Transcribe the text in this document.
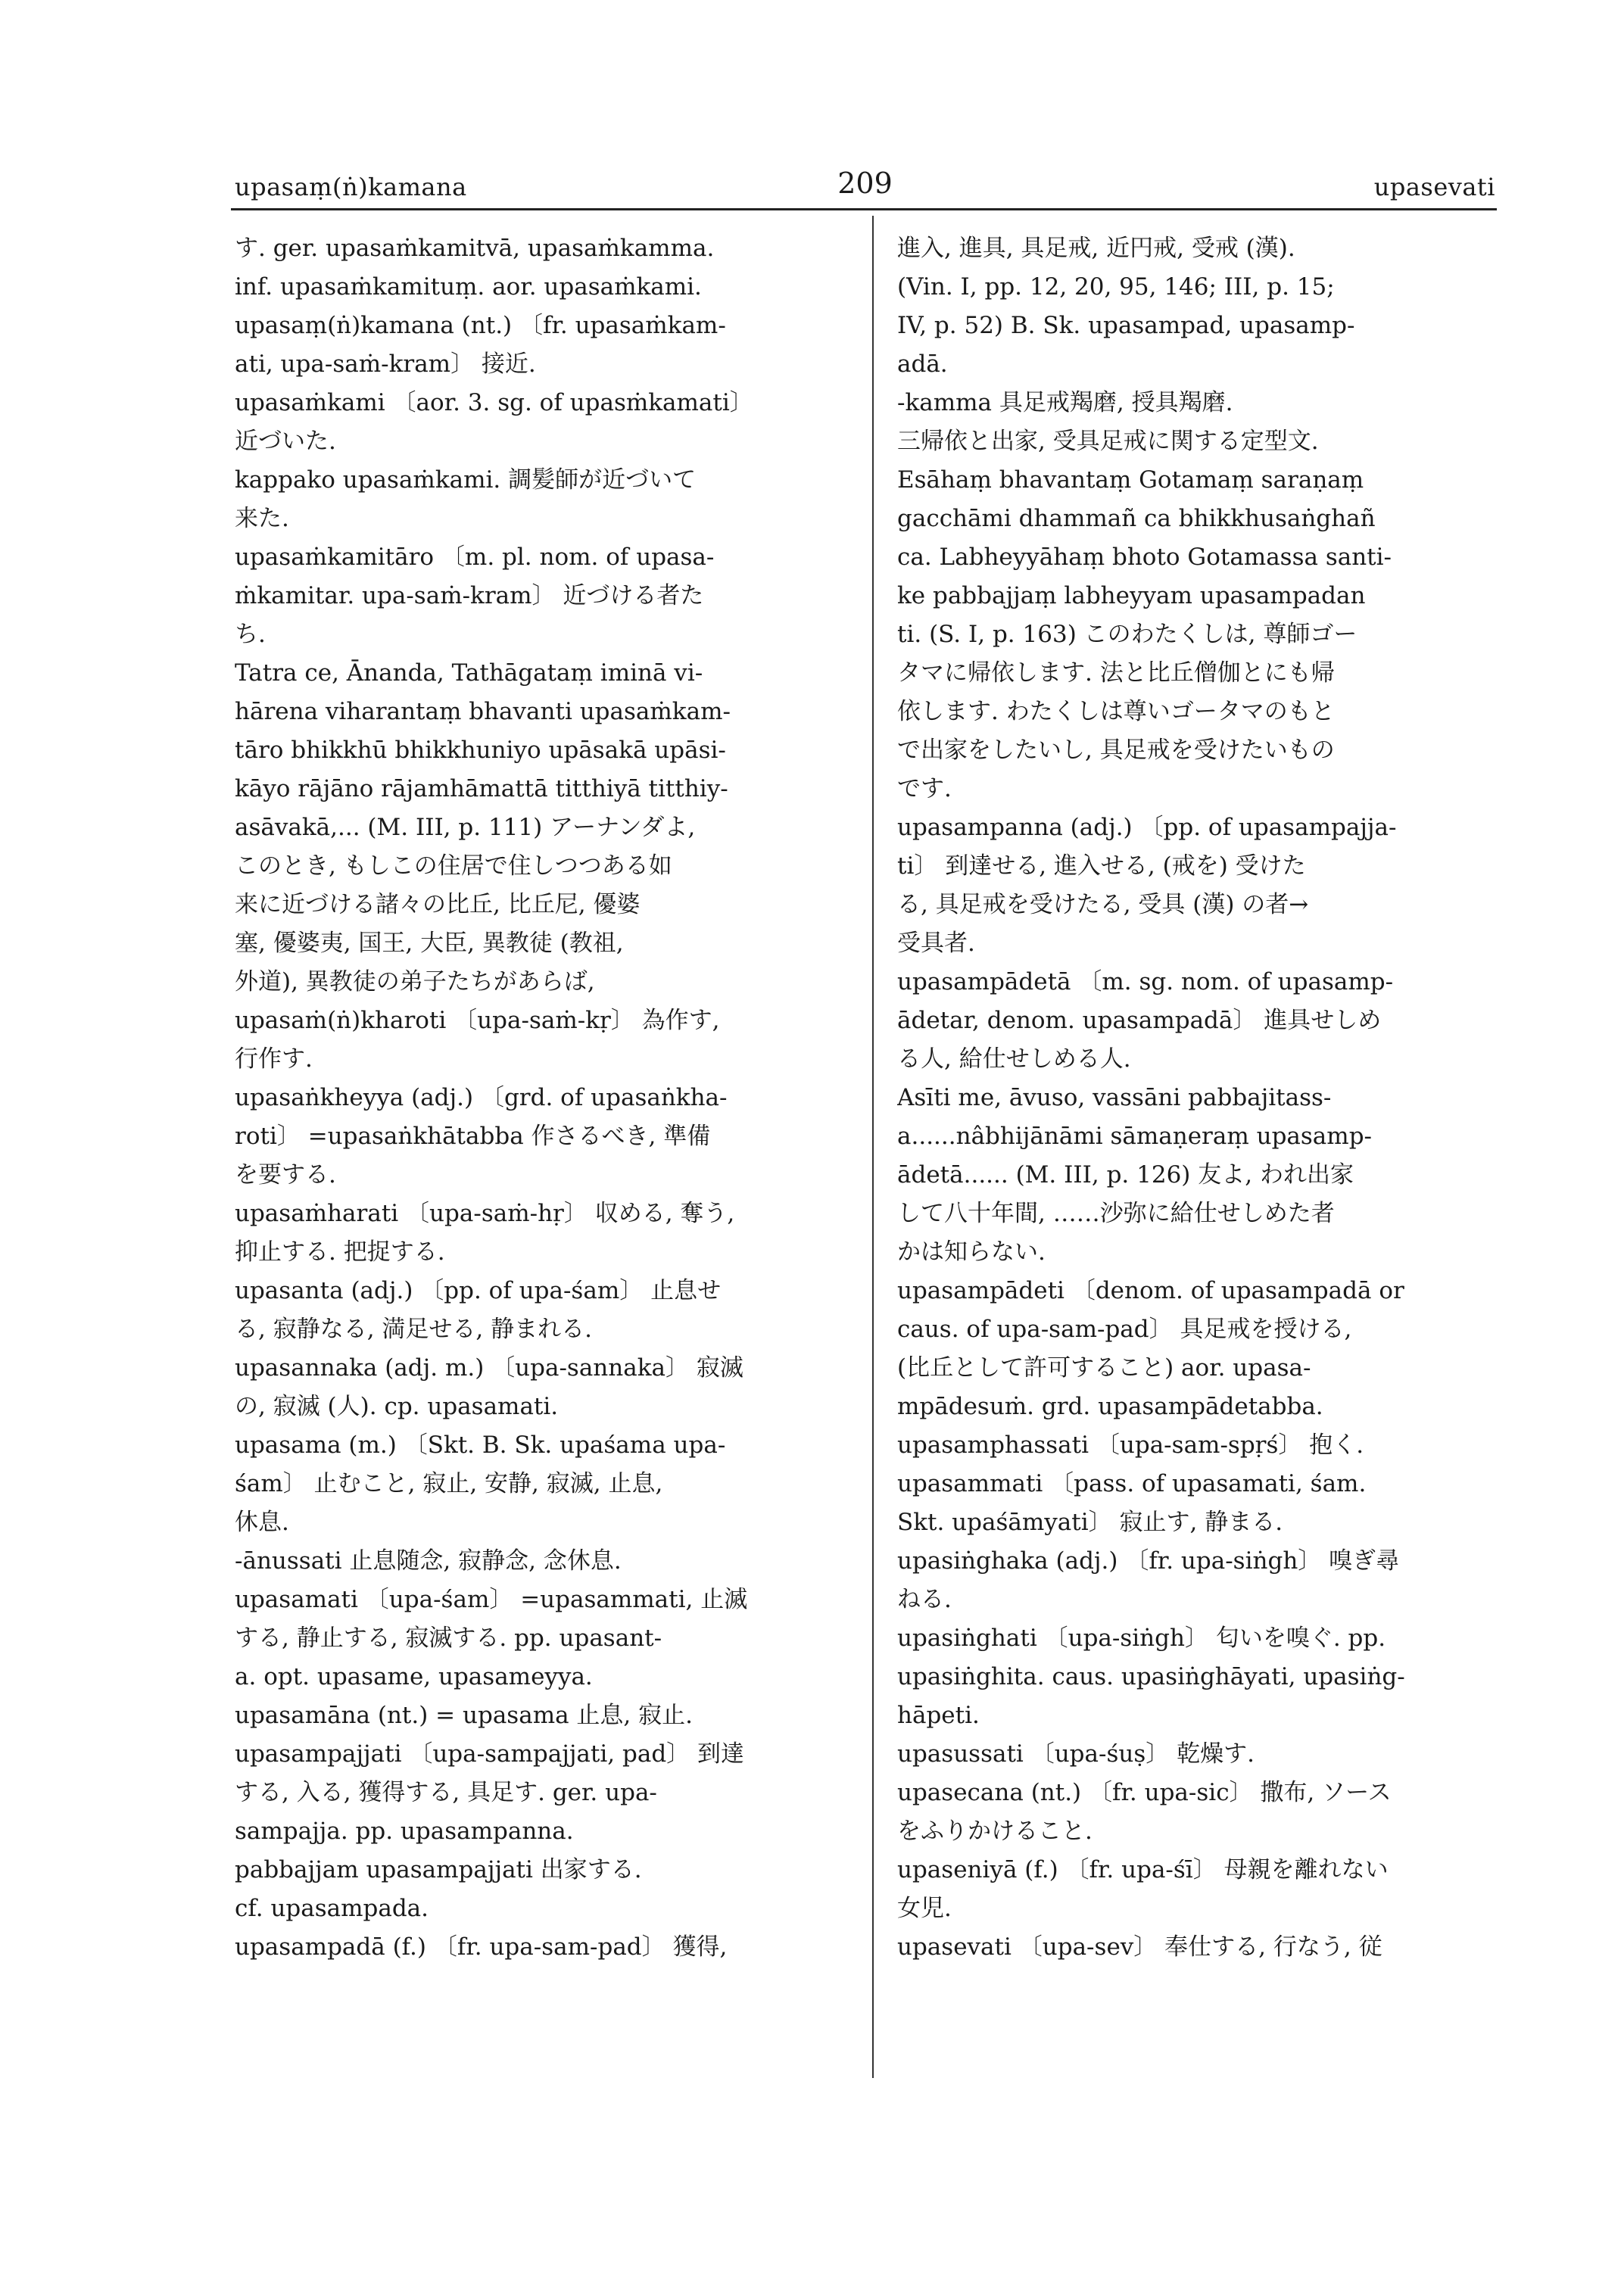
upasaṃ(ṅ)kamana	209	upasevati
す. ger. upasaṁkamitvā, upasaṁkamma.
inf. upasaṁkamituṃ. aor. upasaṁkami.
upasaṃ(ṅ)kamana (nt.) 〔fr. upasaṁkam-
ati, upa-saṁ-kram〕 接近.
upasaṁkami 〔aor. 3. sg. of upasṁkamati〕
近づいた.
kappako upasaṁkami. 調髪師が近づいて
来た.
upasaṁkamitāro 〔m. pl. nom. of upasa-
ṁkamitar. upa-saṁ-kram〕 近づける者た
ち.
Tatra ce, Ānanda, Tathāgataṃ iminā vi-
hārena viharantaṃ bhavanti upasaṁkam-
tāro bhikkhū bhikkhuniyo upāsakā upāsi-
kāyo rājāno rājamhāmattā titthiyā titthiy-
asāvakā,... (M. III, p. 111) アーナンダよ,
このとき, もしこの住居で住しつつある如
来に近づける諸々の比丘, 比丘尼, 優婆
塞, 優婆夷, 国王, 大臣, 異教徒 (教祖,
外道), 異教徒の弟子たちがあらば,
upasaṁ(ṅ)kharoti 〔upa-saṁ-kṛ〕 為作す,
行作す.
upasaṅkheyya (adj.) 〔grd. of upasaṅkha-
roti〕 =upasaṅkhātabba 作さるべき, 準備
を要する.
upasaṁharati 〔upa-saṁ-hṛ〕 収める, 奪う,
抑止する. 把捉する.
upasanta (adj.) 〔pp. of upa-śam〕 止息せ
る, 寂静なる, 満足せる, 静まれる.
upasannaka (adj. m.) 〔upa-sannaka〕 寂滅
の, 寂滅 (人). cp. upasamati.
upasama (m.) 〔Skt. B. Sk. upaśama upa-
śam〕 止むこと, 寂止, 安静, 寂滅, 止息,
休息.
-ānussati 止息随念, 寂静念, 念休息.
upasamati 〔upa-śam〕 =upasammati, 止滅
する, 静止する, 寂滅する. pp. upasant-
a. opt. upasame, upasameyya.
upasamāna (nt.) = upasama 止息, 寂止.
upasampajjati 〔upa-sampajjati, pad〕 到達
する, 入る, 獲得する, 具足す. ger. upa-
sampajja. pp. upasampanna.
pabbajjam upasampajjati 出家する.
cf. upasampada.
upasampadā (f.) 〔fr. upa-sam-pad〕 獲得,
進入, 進具, 具足戒, 近円戒, 受戒 (漢).
(Vin. I, pp. 12, 20, 95, 146; III, p. 15;
IV, p. 52) B. Sk. upasampad, upasamp-
adā.
-kamma 具足戒羯磨, 授具羯磨.
三帰依と出家, 受具足戒に関する定型文.
Esāhaṃ bhavantaṃ Gotamaṃ saraṇaṃ
gacchāmi dhammañ ca bhikkhusaṅghañ
ca. Labheyyāhaṃ bhoto Gotamassa santi-
ke pabbajjaṃ labheyyam upasampadan
ti. (S. I, p. 163) このわたくしは, 尊師ゴー
タマに帰依します. 法と比丘僧伽とにも帰
依します. わたくしは尊いゴータマのもと
で出家をしたいし, 具足戒を受けたいもの
です.
upasampanna (adj.) 〔pp. of upasampajja-
ti〕 到達せる, 進入せる, (戒を) 受けた
る, 具足戒を受けたる, 受具 (漢) の者→
受具者.
upasampādetā 〔m. sg. nom. of upasamp-
ādetar, denom. upasampadā〕 進具せしめ
る人, 給仕せしめる人.
Asīti me, āvuso, vassāni pabbajitass-
a......nâbhijānāmi sāmaṇeraṃ upasamp-
ādetā...... (M. III, p. 126) 友よ, われ出家
して八十年間, ……沙弥に給仕せしめた者
かは知らない.
upasampādeti 〔denom. of upasampadā or
caus. of upa-sam-pad〕 具足戒を授ける,
(比丘として許可すること) aor. upasa-
mpādesuṁ. grd. upasampādetabba.
upasamphassati 〔upa-sam-spṛś〕 抱く.
upasammati 〔pass. of upasamati, śam.
Skt. upaśāmyati〕 寂止す, 静まる.
upasiṅghaka (adj.) 〔fr. upa-siṅgh〕 嗅ぎ尋
ねる.
upasiṅghati 〔upa-siṅgh〕 匂いを嗅ぐ. pp.
upasiṅghita. caus. upasiṅghāyati, upasiṅg-
hāpeti.
upasussati 〔upa-śuṣ〕 乾燥す.
upasecana (nt.) 〔fr. upa-sic〕 撒布, ソース
をふりかけること.
upaseniyā (f.) 〔fr. upa-śī〕 母親を離れない
女児.
upasevati 〔upa-sev〕 奉仕する, 行なう, 従
